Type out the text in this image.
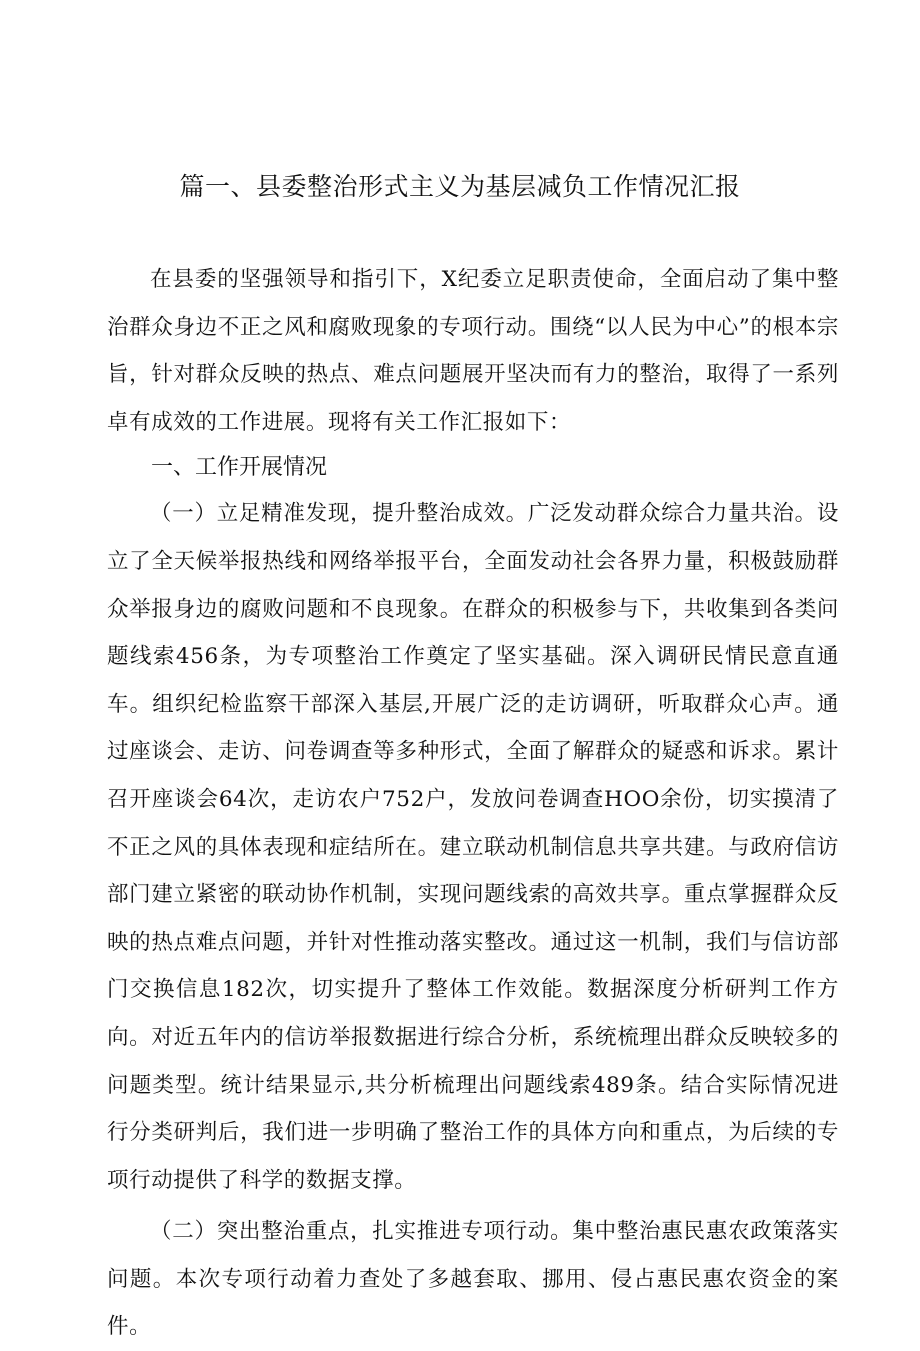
篇一、县委整治形式主义为基层减负工作情况汇报

在县委的坚强领导和指引下，X纪委立足职责使命，全面启动了集中整治群众身边不正之风和腐败现象的专项行动。围绕“以人民为中心”的根本宗旨，针对群众反映的热点、难点问题展开坚决而有力的整治，取得了一系列卓有成效的工作进展。现将有关工作汇报如下：

一、工作开展情况

（一）立足精准发现，提升整治成效。广泛发动群众综合力量共治。设立了全天候举报热线和网络举报平台，全面发动社会各界力量，积极鼓励群众举报身边的腐败问题和不良现象。在群众的积极参与下，共收集到各类问题线索456条，为专项整治工作奠定了坚实基础。深入调研民情民意直通车。组织纪检监察干部深入基层,开展广泛的走访调研，听取群众心声。通过座谈会、走访、问卷调查等多种形式，全面了解群众的疑惑和诉求。累计召开座谈会64次，走访农户752户，发放问卷调查HOO余份，切实摸清了不正之风的具体表现和症结所在。建立联动机制信息共享共建。与政府信访部门建立紧密的联动协作机制，实现问题线索的高效共享。重点掌握群众反映的热点难点问题，并针对性推动落实整改。通过这一机制，我们与信访部门交换信息182次，切实提升了整体工作效能。数据深度分析研判工作方向。对近五年内的信访举报数据进行综合分析，系统梳理出群众反映较多的问题类型。统计结果显示,共分析梳理出问题线索489条。结合实际情况进行分类研判后，我们进一步明确了整治工作的具体方向和重点，为后续的专项行动提供了科学的数据支撑。

（二）突出整治重点，扎实推进专项行动。集中整治惠民惠农政策落实问题。本次专项行动着力查处了多越套取、挪用、侵占惠民惠农资金的案件。
